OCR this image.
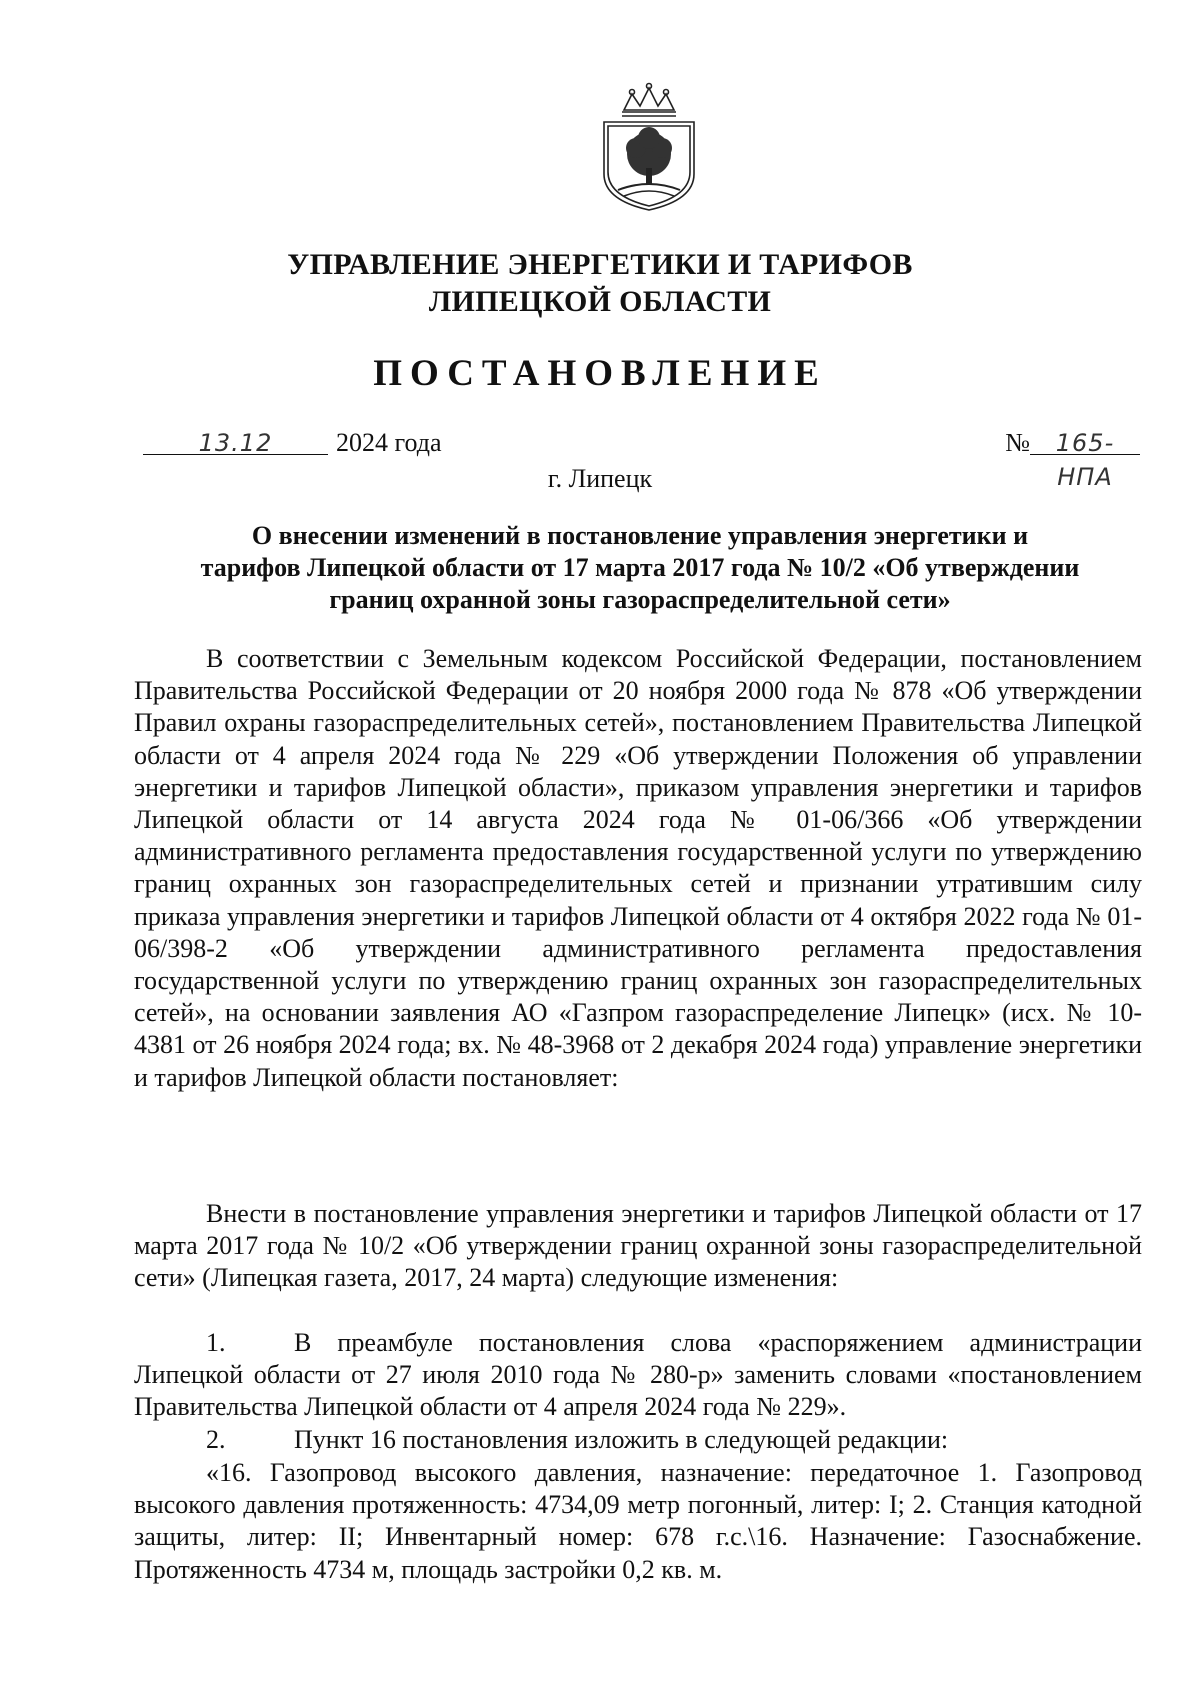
УПРАВЛЕНИЕ ЭНЕРГЕТИКИ И ТАРИФОВ
ЛИПЕЦКОЙ ОБЛАСТИ
ПОСТАНОВЛЕНИЕ
13.12 2024 года	№ 165-НПА
г. Липецк
О внесении изменений в постановление управления энергетики и тарифов Липецкой области от 17 марта 2017 года № 10/2 «Об утверждении границ охранной зоны газораспределительной сети»

В соответствии с Земельным кодексом Российской Федерации, постановлением Правительства Российской Федерации от 20 ноября 2000 года № 878 «Об утверждении Правил охраны газораспределительных сетей», постановлением Правительства Липецкой области от 4 апреля 2024 года № 229 «Об утверждении Положения об управлении энергетики и тарифов Липецкой области», приказом управления энергетики и тарифов Липецкой области от 14 августа 2024 года № 01-06/366 «Об утверждении административного регламента предоставления государственной услуги по утверждению границ охранных зон газораспределительных сетей и признании утратившим силу приказа управления энергетики и тарифов Липецкой области от 4 октября 2022 года № 01-06/398-2 «Об утверждении административного регламента предоставления государственной услуги по утверждению границ охранных зон газораспределительных сетей», на основании заявления АО «Газпром газораспределение Липецк» (исх. № 10-4381 от 26 ноября 2024 года; вх. № 48-3968 от 2 декабря 2024 года) управление энергетики и тарифов Липецкой области постановляет:

Внести в постановление управления энергетики и тарифов Липецкой области от 17 марта 2017 года № 10/2 «Об утверждении границ охранной зоны газораспределительной сети» (Липецкая газета, 2017, 24 марта) следующие изменения:

1.	В преамбуле постановления слова «распоряжением администрации Липецкой области от 27 июля 2010 года № 280-р» заменить словами «постановлением Правительства Липецкой области от 4 апреля 2024 года № 229».

2.	Пункт 16 постановления изложить в следующей редакции:

«16. Газопровод высокого давления, назначение: передаточное 1. Газопровод высокого давления протяженность: 4734,09 метр погонный, литер: I; 2. Станция катодной защиты, литер: II; Инвентарный номер: 678 г.с.\16. Назначение: Газоснабжение. Протяженность 4734 м, площадь застройки 0,2 кв. м.
